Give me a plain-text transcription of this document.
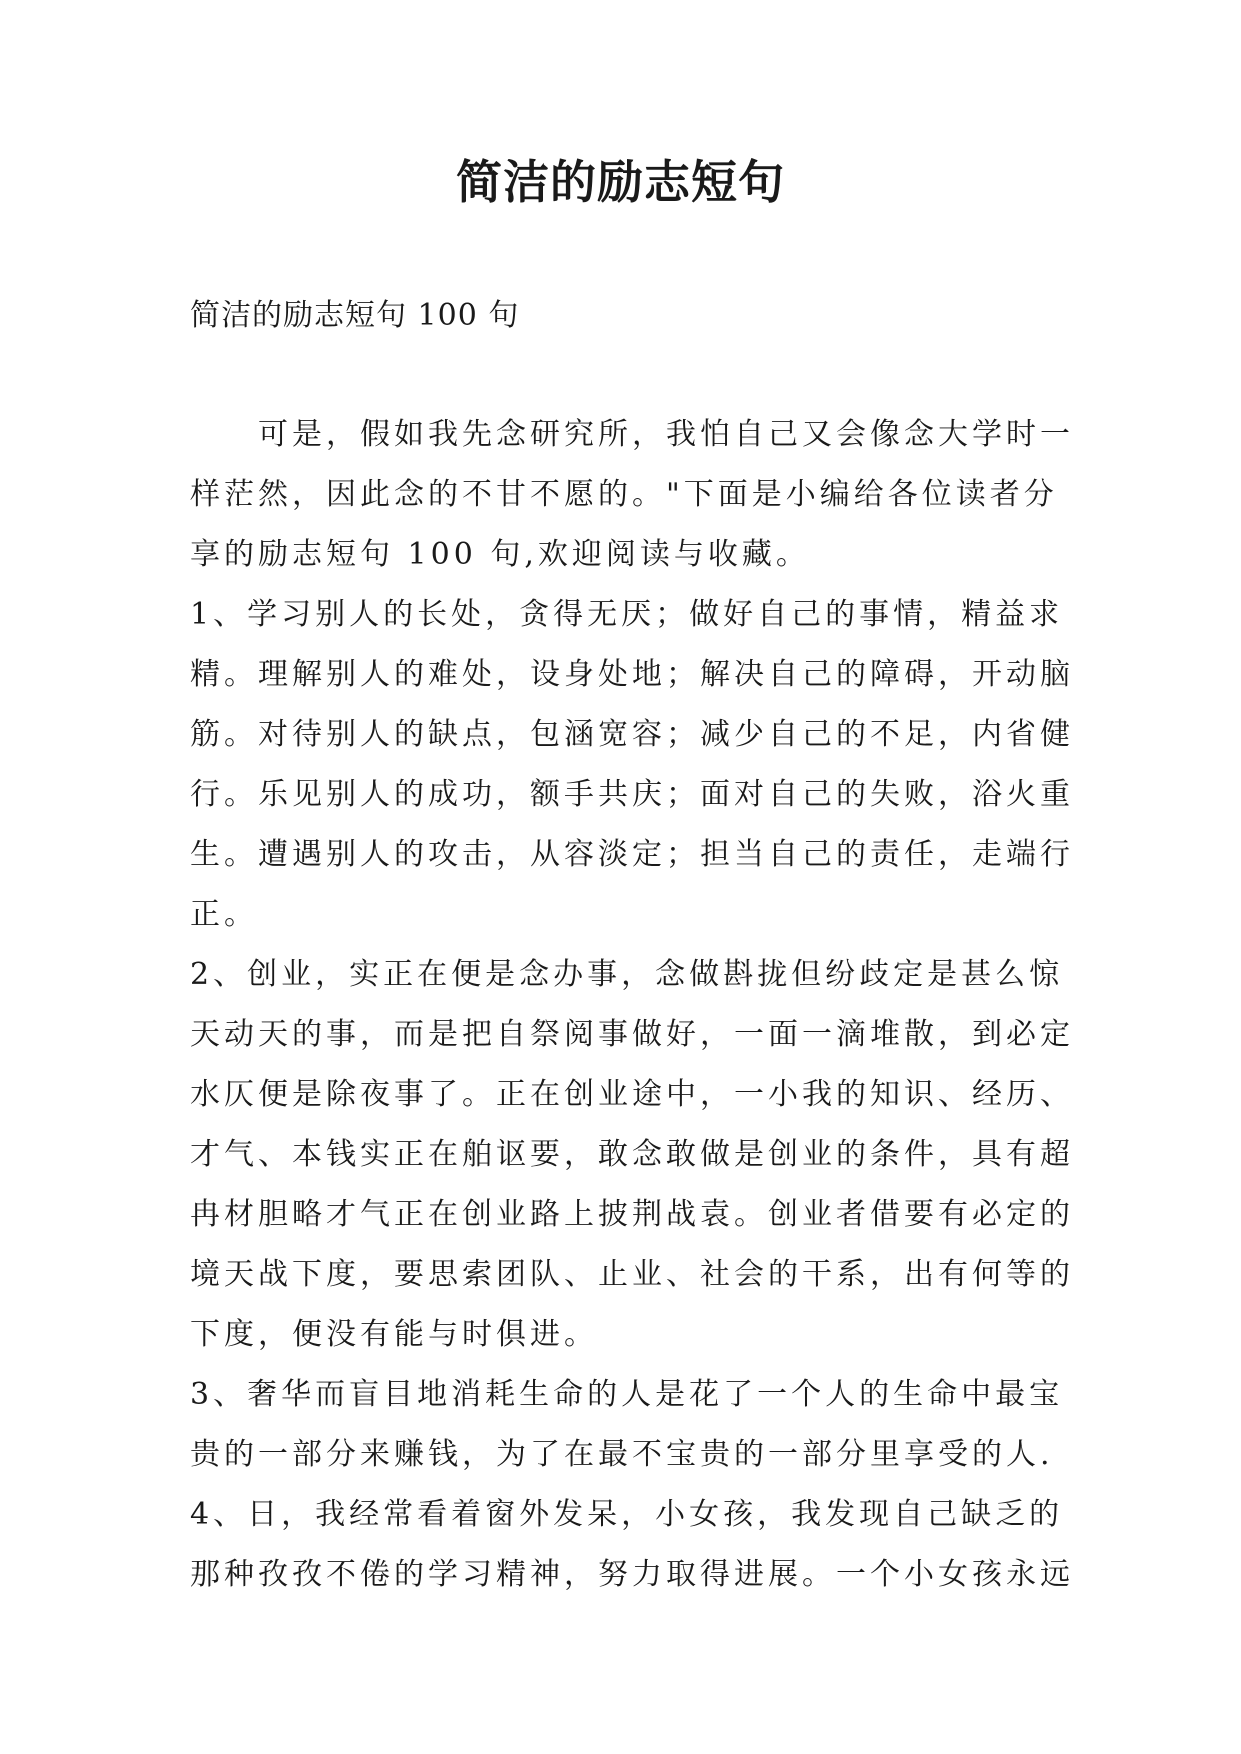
简洁的励志短句
简洁的励志短句 100 句
可是，假如我先念研究所，我怕自己又会像念大学时一
样茫然，因此念的不甘不愿的。"下面是小编给各位读者分
享的励志短句 100 句,欢迎阅读与收藏。
1、学习别人的长处，贪得无厌；做好自己的事情，精益求
精。理解别人的难处，设身处地；解决自己的障碍，开动脑
筋。对待别人的缺点，包涵宽容；减少自己的不足，内省健
行。乐见别人的成功，额手共庆；面对自己的失败，浴火重
生。遭遇别人的攻击，从容淡定；担当自己的责任，走端行
正。
2、创业，实正在便是念办事，念做斟拢但纷歧定是甚么惊
天动天的事，而是把自祭阅事做好，一面一滴堆散，到必定
水仄便是除夜事了。正在创业途中，一小我的知识、经历、
才气、本钱实正在舶讴要，敢念敢做是创业的条件，具有超
冉材胆略才气正在创业路上披荆战袁。创业者借要有必定的
境天战下度，要思索团队、止业、社会的干系，出有何等的
下度，便没有能与时俱进。
3、奢华而盲目地消耗生命的人是花了一个人的生命中最宝
贵的一部分来赚钱，为了在最不宝贵的一部分里享受的人.
4、日，我经常看着窗外发呆，小女孩，我发现自己缺乏的
那种孜孜不倦的学习精神，努力取得进展。一个小女孩永远
